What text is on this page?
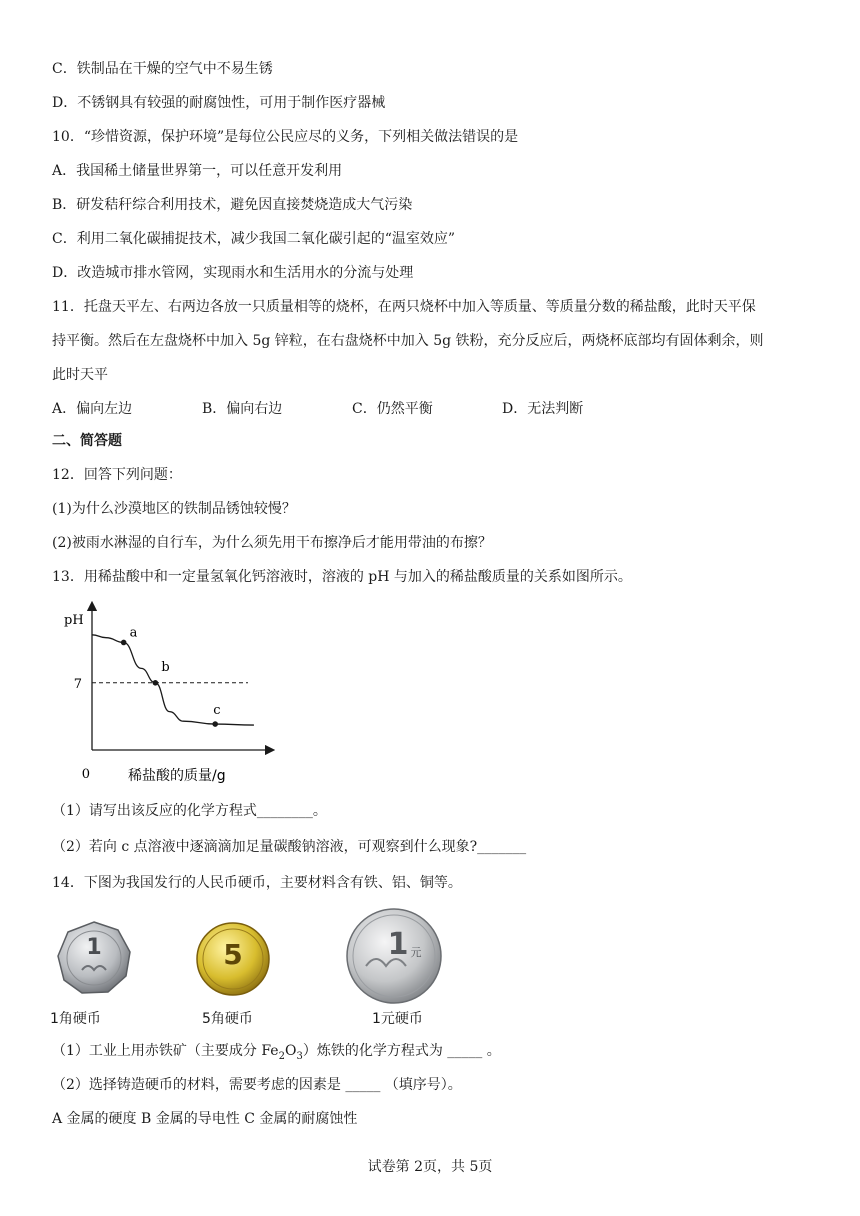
C．铁制品在干燥的空气中不易生锈
D．不锈钢具有较强的耐腐蚀性，可用于制作医疗器械
10．“珍惜资源，保护环境”是每位公民应尽的义务，下列相关做法错误的是
A．我国稀土储量世界第一，可以任意开发利用
B．研发秸秆综合利用技术，避免因直接焚烧造成大气污染
C．利用二氧化碳捕捉技术，减少我国二氧化碳引起的“温室效应”
D．改造城市排水管网，实现雨水和生活用水的分流与处理
11．托盘天平左、右两边各放一只质量相等的烧杯，在两只烧杯中加入等质量、等质量分数的稀盐酸，此时天平保
持平衡。然后在左盘烧杯中加入 5g 锌粒，在右盘烧杯中加入 5g 铁粉，充分反应后，两烧杯底部均有固体剩余，则
此时天平
A．偏向左边	B．偏向右边	C．仍然平衡	D．无法判断
二、简答题
12．回答下列问题：
(1)为什么沙漠地区的铁制品锈蚀较慢？
(2)被雨水淋湿的自行车，为什么须先用干布擦净后才能用带油的布擦？
13．用稀盐酸中和一定量氢氧化钙溶液时，溶液的 pH 与加入的稀盐酸质量的关系如图所示。
7
a
b
c
pH
0	稀盐酸的质量/g
（1）请写出该反应的化学方程式________。
（2）若向 c 点溶液中逐滴滴加足量碳酸钠溶液，可观察到什么现象?_______
14．下图为我国发行的人民币硬币，主要材料含有铁、铝、铜等。
1
1角硬币
5
5角硬币
1 元
1元硬币
（1）工业上用赤铁矿（主要成分 $Fe_2O_3$）炼铁的化学方程式为 _____ 。
（2）选择铸造硬币的材料，需要考虑的因素是 _____ （填序号）。
A 金属的硬度 B 金属的导电性 C 金属的耐腐蚀性
试卷第 2页，共 5页
